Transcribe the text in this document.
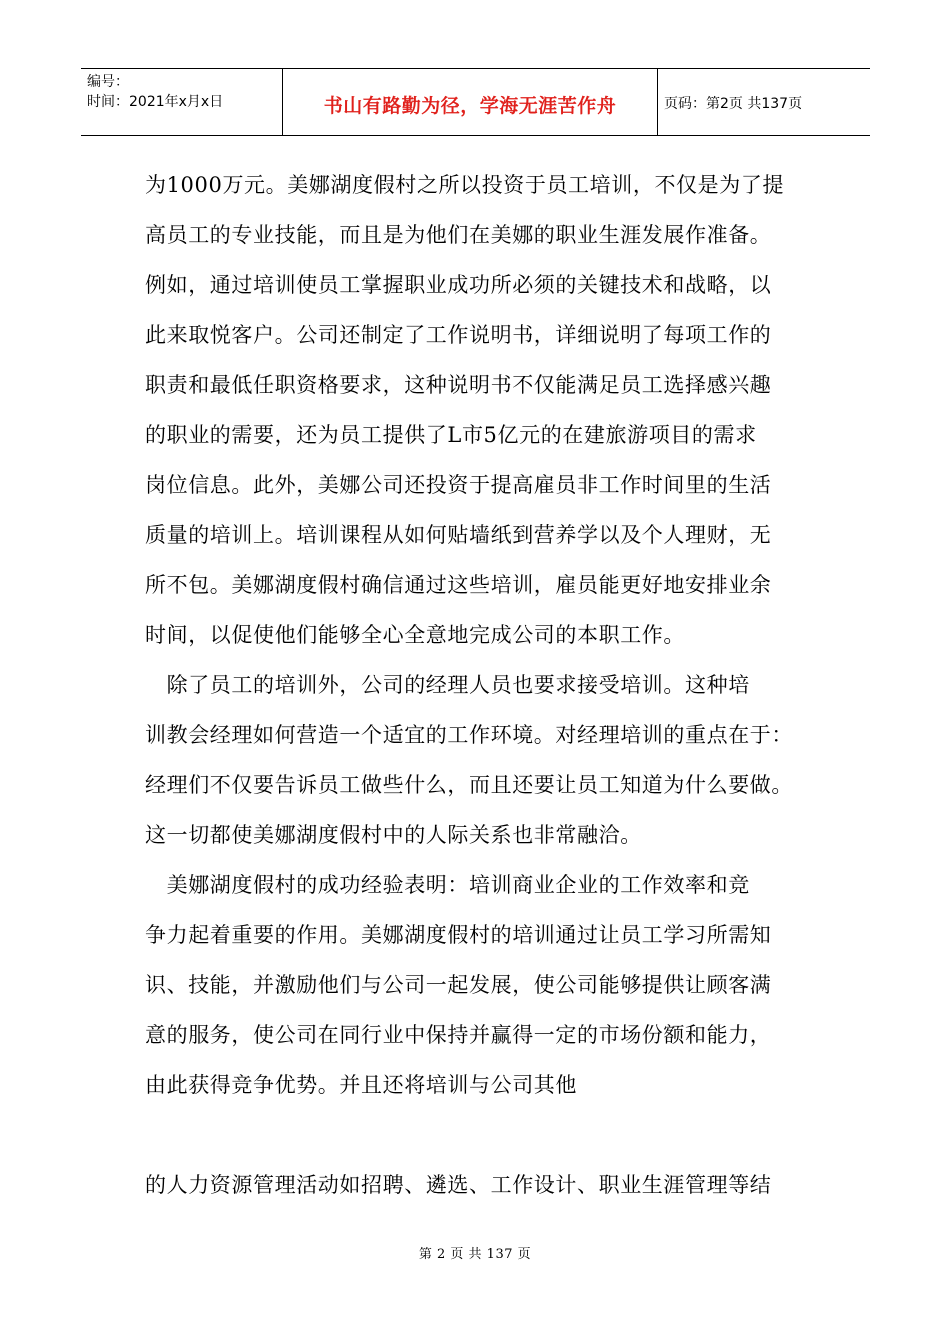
编号：
时间：2021年x月x日	书山有路勤为径，学海无涯苦作舟	页码：第2页 共137页
为1000万元。美娜湖度假村之所以投资于员工培训，不仅是为了提
高员工的专业技能，而且是为他们在美娜的职业生涯发展作准备。
例如，通过培训使员工掌握职业成功所必须的关键技术和战略，以
此来取悦客户。公司还制定了工作说明书，详细说明了每项工作的
职责和最低任职资格要求，这种说明书不仅能满足员工选择感兴趣
的职业的需要，还为员工提供了L市5亿元的在建旅游项目的需求
岗位信息。此外，美娜公司还投资于提高雇员非工作时间里的生活
质量的培训上。培训课程从如何贴墙纸到营养学以及个人理财，无
所不包。美娜湖度假村确信通过这些培训，雇员能更好地安排业余
时间，以促使他们能够全心全意地完成公司的本职工作。
　除了员工的培训外，公司的经理人员也要求接受培训。这种培
训教会经理如何营造一个适宜的工作环境。对经理培训的重点在于：
经理们不仅要告诉员工做些什么，而且还要让员工知道为什么要做。
这一切都使美娜湖度假村中的人际关系也非常融洽。
　美娜湖度假村的成功经验表明：培训商业企业的工作效率和竞
争力起着重要的作用。美娜湖度假村的培训通过让员工学习所需知
识、技能，并激励他们与公司一起发展，使公司能够提供让顾客满
意的服务，使公司在同行业中保持并赢得一定的市场份额和能力，
由此获得竞争优势。并且还将培训与公司其他
的人力资源管理活动如招聘、遴选、工作设计、职业生涯管理等结
第 2 页 共 137 页
